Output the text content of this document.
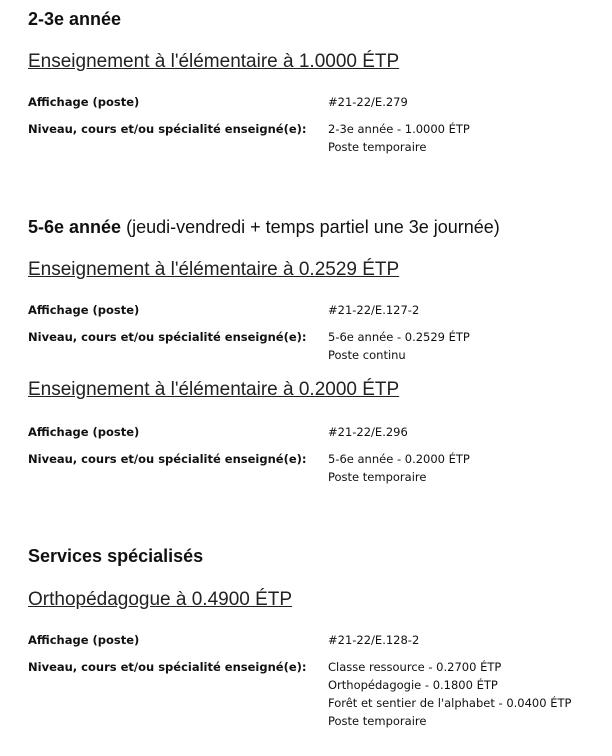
2-3e année
Enseignement à l'élémentaire à 1.0000 ÉTP
Affichage (poste)	#21-22/E.279
Niveau, cours et/ou spécialité enseigné(e): 2-3e année - 1.0000 ÉTP
Poste temporaire
5-6e année (jeudi-vendredi + temps partiel une 3e journée)
Enseignement à l'élémentaire à 0.2529 ÉTP
Affichage (poste)	#21-22/E.127-2
Niveau, cours et/ou spécialité enseigné(e): 5-6e année - 0.2529 ÉTP
Poste continu
Enseignement à l'élémentaire à 0.2000 ÉTP
Affichage (poste)	#21-22/E.296
Niveau, cours et/ou spécialité enseigné(e): 5-6e année - 0.2000 ÉTP
Poste temporaire
Services spécialisés
Orthopédagogue à 0.4900 ÉTP
Affichage (poste)	#21-22/E.128-2
Niveau, cours et/ou spécialité enseigné(e): Classe ressource - 0.2700 ÉTP
Orthopédagogie - 0.1800 ÉTP
Forêt et sentier de l'alphabet - 0.0400 ÉTP
Poste temporaire
